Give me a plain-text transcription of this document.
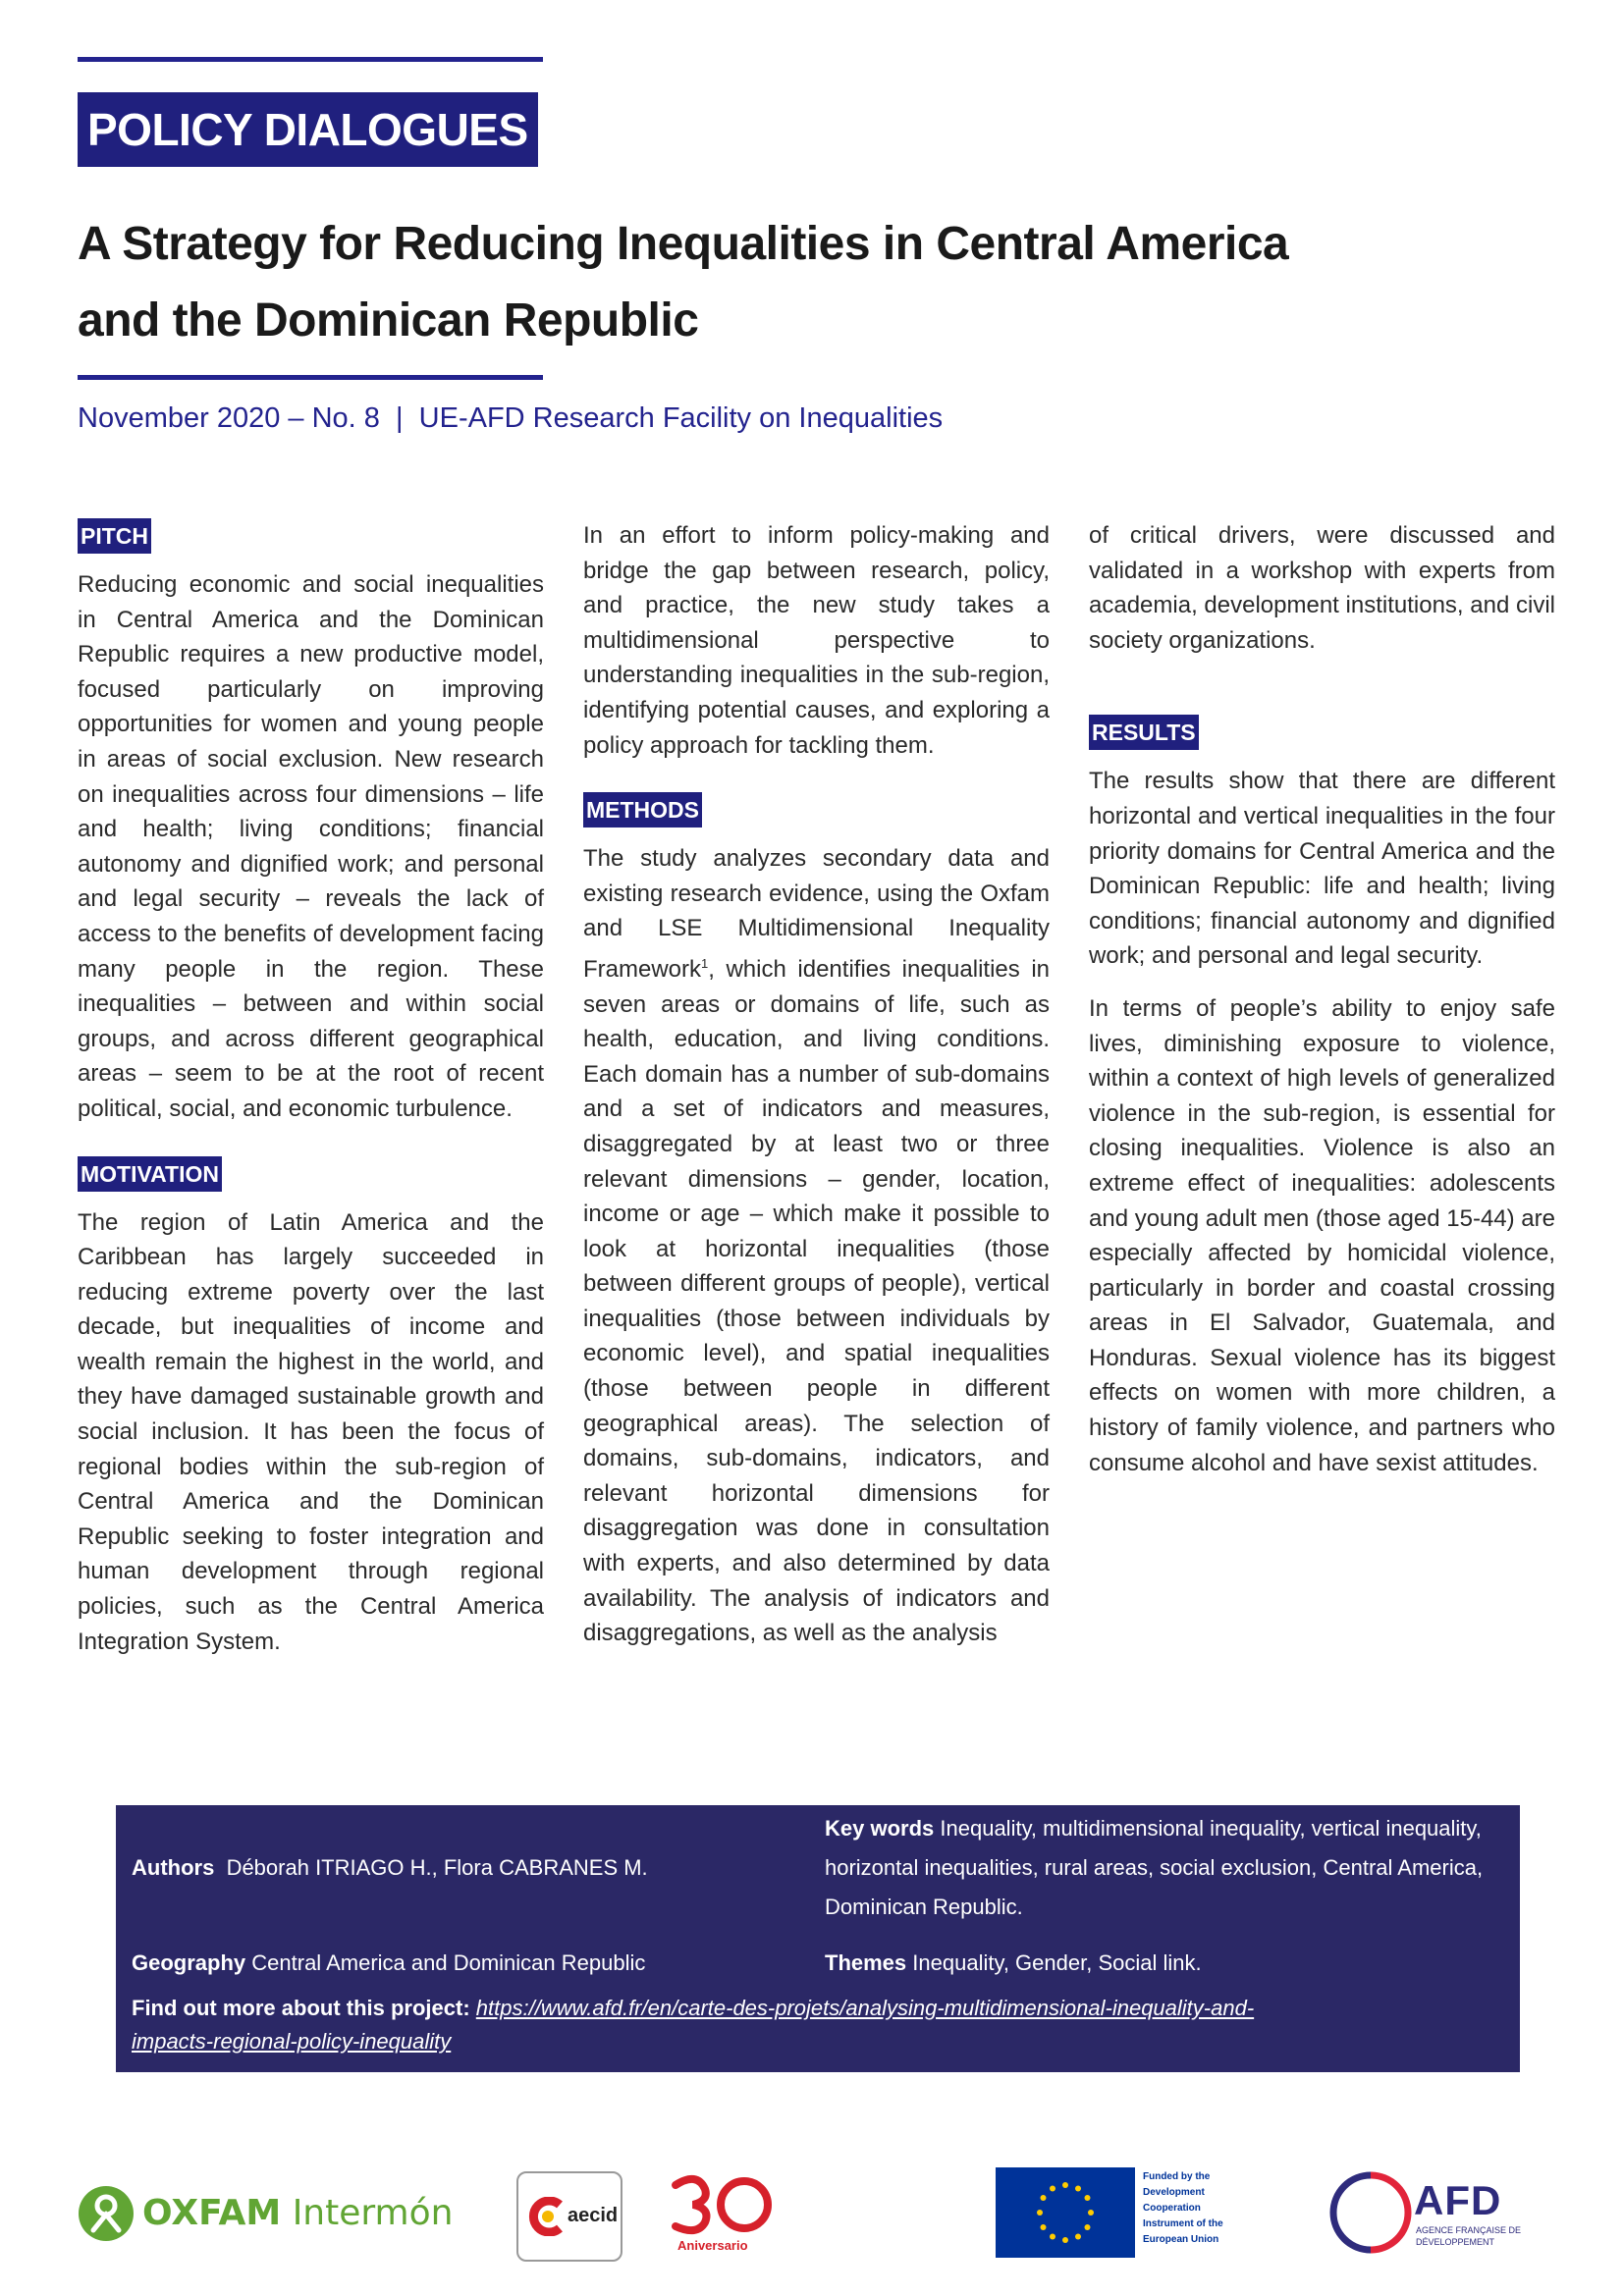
POLICY DIALOGUES
A Strategy for Reducing Inequalities in Central America
and the Dominican Republic
November 2020 – No. 8  |  UE-AFD Research Facility on Inequalities
PITCH

Reducing economic and social inequalities in Central America and the Dominican Republic requires a new productive model, focused particularly on improving opportunities for women and young people in areas of social exclusion. New research on inequalities across four dimensions – life and health; living conditions; financial autonomy and dignified work; and personal and legal security – reveals the lack of access to the benefits of development facing many people in the region. These inequalities – between and within social groups, and across different geographical areas – seem to be at the root of recent political, social, and economic turbulence.

MOTIVATION

The region of Latin America and the Caribbean has largely succeeded in reducing extreme poverty over the last decade, but inequalities of income and wealth remain the highest in the world, and they have damaged sustainable growth and social inclusion. It has been the focus of regional bodies within the sub-region of Central America and the Dominican Republic seeking to foster integration and human development through regional policies, such as the Central America Integration System.

In an effort to inform policy-making and bridge the gap between research, policy, and practice, the new study takes a multidimensional perspective to understanding inequalities in the sub-region, identifying potential causes, and exploring a policy approach for tackling them.

METHODS

The study analyzes secondary data and existing research evidence, using the Oxfam and LSE Multidimensional Inequality Framework$^1$, which identifies inequalities in seven areas or domains of life, such as health, education, and living conditions. Each domain has a number of sub-domains and a set of indicators and measures, disaggregated by at least two or three relevant dimensions – gender, location, income or age – which make it possible to look at horizontal inequalities (those between different groups of people), vertical inequalities (those between individuals by economic level), and spatial inequalities (those between people in different geographical areas). The selection of domains, sub-domains, indicators, and relevant horizontal dimensions for disaggregation was done in consultation with experts, and also determined by data availability. The analysis of indicators and disaggregations, as well as the analysis

of critical drivers, were discussed and validated in a workshop with experts from academia, development institutions, and civil society organizations.

RESULTS

The results show that there are different horizontal and vertical inequalities in the four priority domains for Central America and the Dominican Republic: life and health; living conditions; financial autonomy and dignified work; and personal and legal security.

In terms of people’s ability to enjoy safe lives, diminishing exposure to violence, within a context of high levels of generalized violence in the sub-region, is essential for closing inequalities. Violence is also an extreme effect of inequalities: adolescents and young adult men (those aged 15-44) are especially affected by homicidal violence, particularly in border and coastal crossing areas in El Salvador, Guatemala, and Honduras. Sexual violence has its biggest effects on women with more children, a history of family violence, and partners who consume alcohol and have sexist attitudes.

Authors Déborah ITRIAGO H., Flora CABRANES M.
Key words Inequality, multidimensional inequality, vertical inequality, horizontal inequalities, rural areas, social exclusion, Central America, Dominican Republic.
Geography Central America and Dominican Republic	Themes Inequality, Gender, Social link.
Find out more about this project: https://www.afd.fr/en/carte-des-projets/analysing-multidimensional-inequality-and-
impacts-regional-policy-inequality
OXFAM Intermón	aecid
Aniversario
Funded by the Development Cooperation Instrument of the European Union
AFD
AGENCE FRANÇAISE DE DÉVELOPPEMENT
